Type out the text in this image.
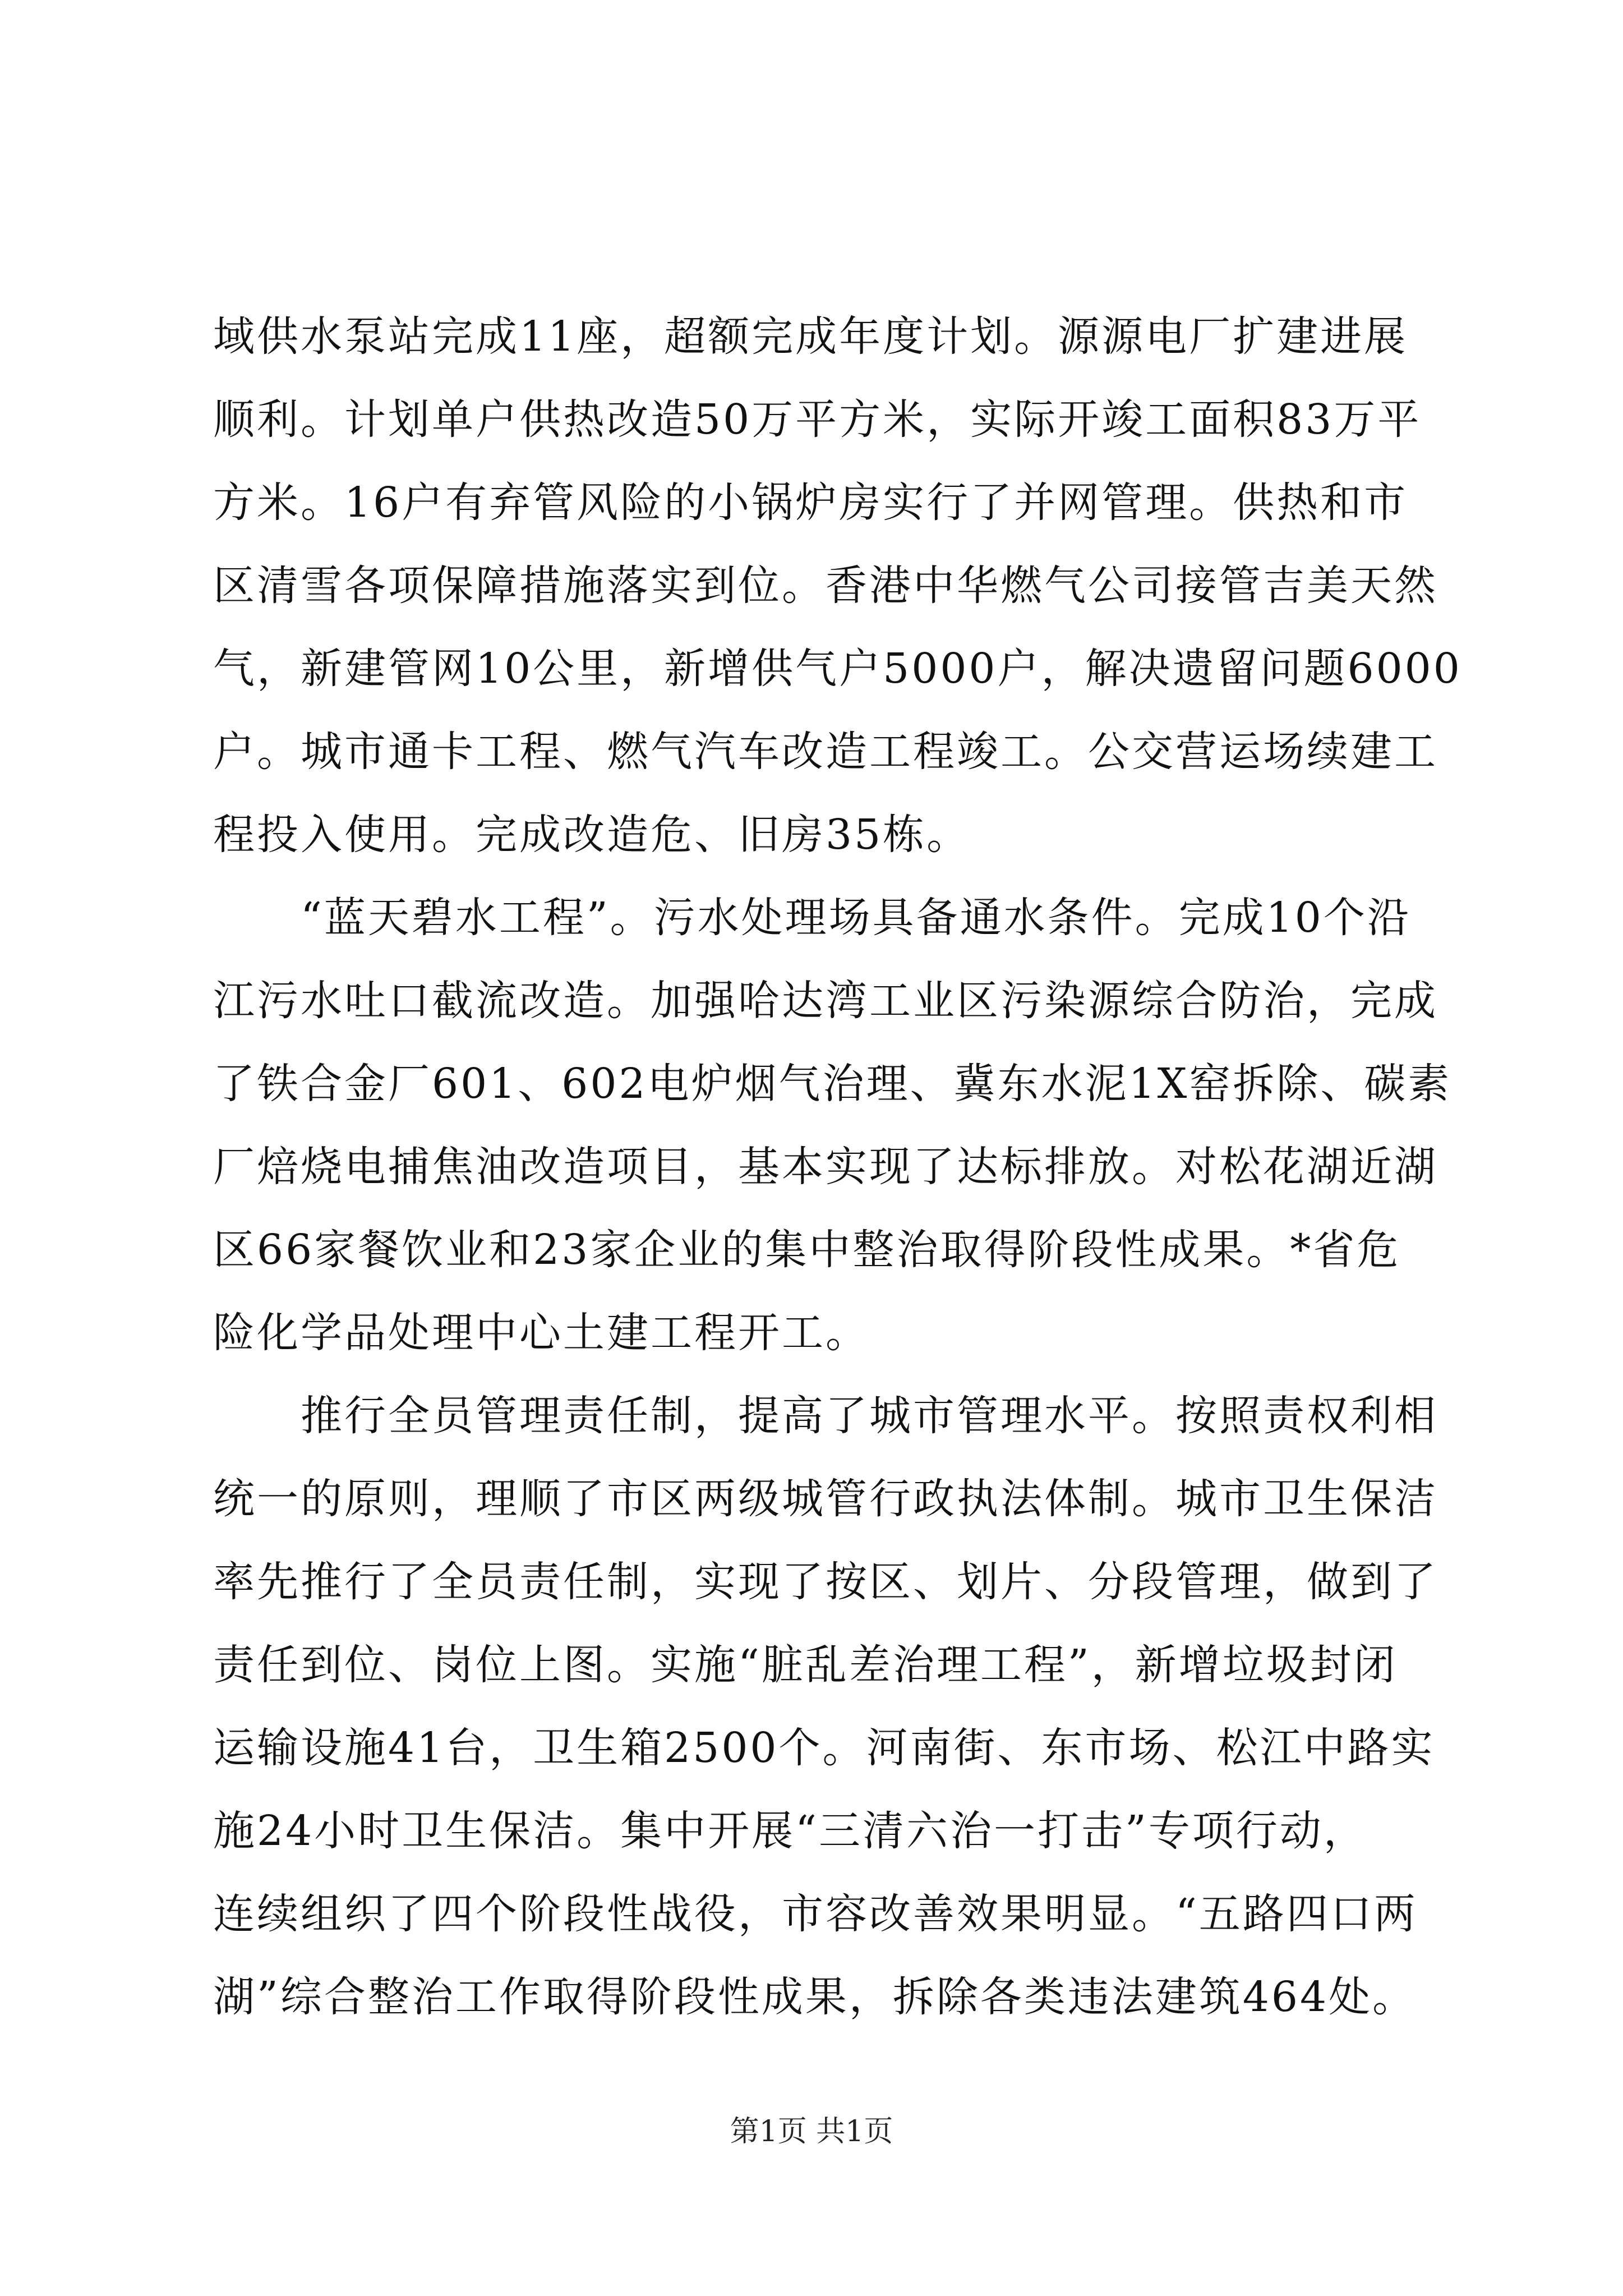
域供水泵站完成11座，超额完成年度计划。源源电厂扩建进展
顺利。计划单户供热改造50万平方米，实际开竣工面积83万平
方米。16户有弃管风险的小锅炉房实行了并网管理。供热和市
区清雪各项保障措施落实到位。香港中华燃气公司接管吉美天然
气，新建管网10公里，新增供气户5000户，解决遗留问题6000
户。城市通卡工程、燃气汽车改造工程竣工。公交营运场续建工
程投入使用。完成改造危、旧房35栋。
　　“蓝天碧水工程”。污水处理场具备通水条件。完成10个沿
江污水吐口截流改造。加强哈达湾工业区污染源综合防治，完成
了铁合金厂601、602电炉烟气治理、冀东水泥1X窑拆除、碳素
厂焙烧电捕焦油改造项目，基本实现了达标排放。对松花湖近湖
区66家餐饮业和23家企业的集中整治取得阶段性成果。*省危
险化学品处理中心土建工程开工。
　　推行全员管理责任制，提高了城市管理水平。按照责权利相
统一的原则，理顺了市区两级城管行政执法体制。城市卫生保洁
率先推行了全员责任制，实现了按区、划片、分段管理，做到了
责任到位、岗位上图。实施“脏乱差治理工程”，新增垃圾封闭
运输设施41台，卫生箱2500个。河南街、东市场、松江中路实
施24小时卫生保洁。集中开展“三清六治一打击”专项行动，
连续组织了四个阶段性战役，市容改善效果明显。“五路四口两
湖”综合整治工作取得阶段性成果，拆除各类违法建筑464处。
第1页 共1页
